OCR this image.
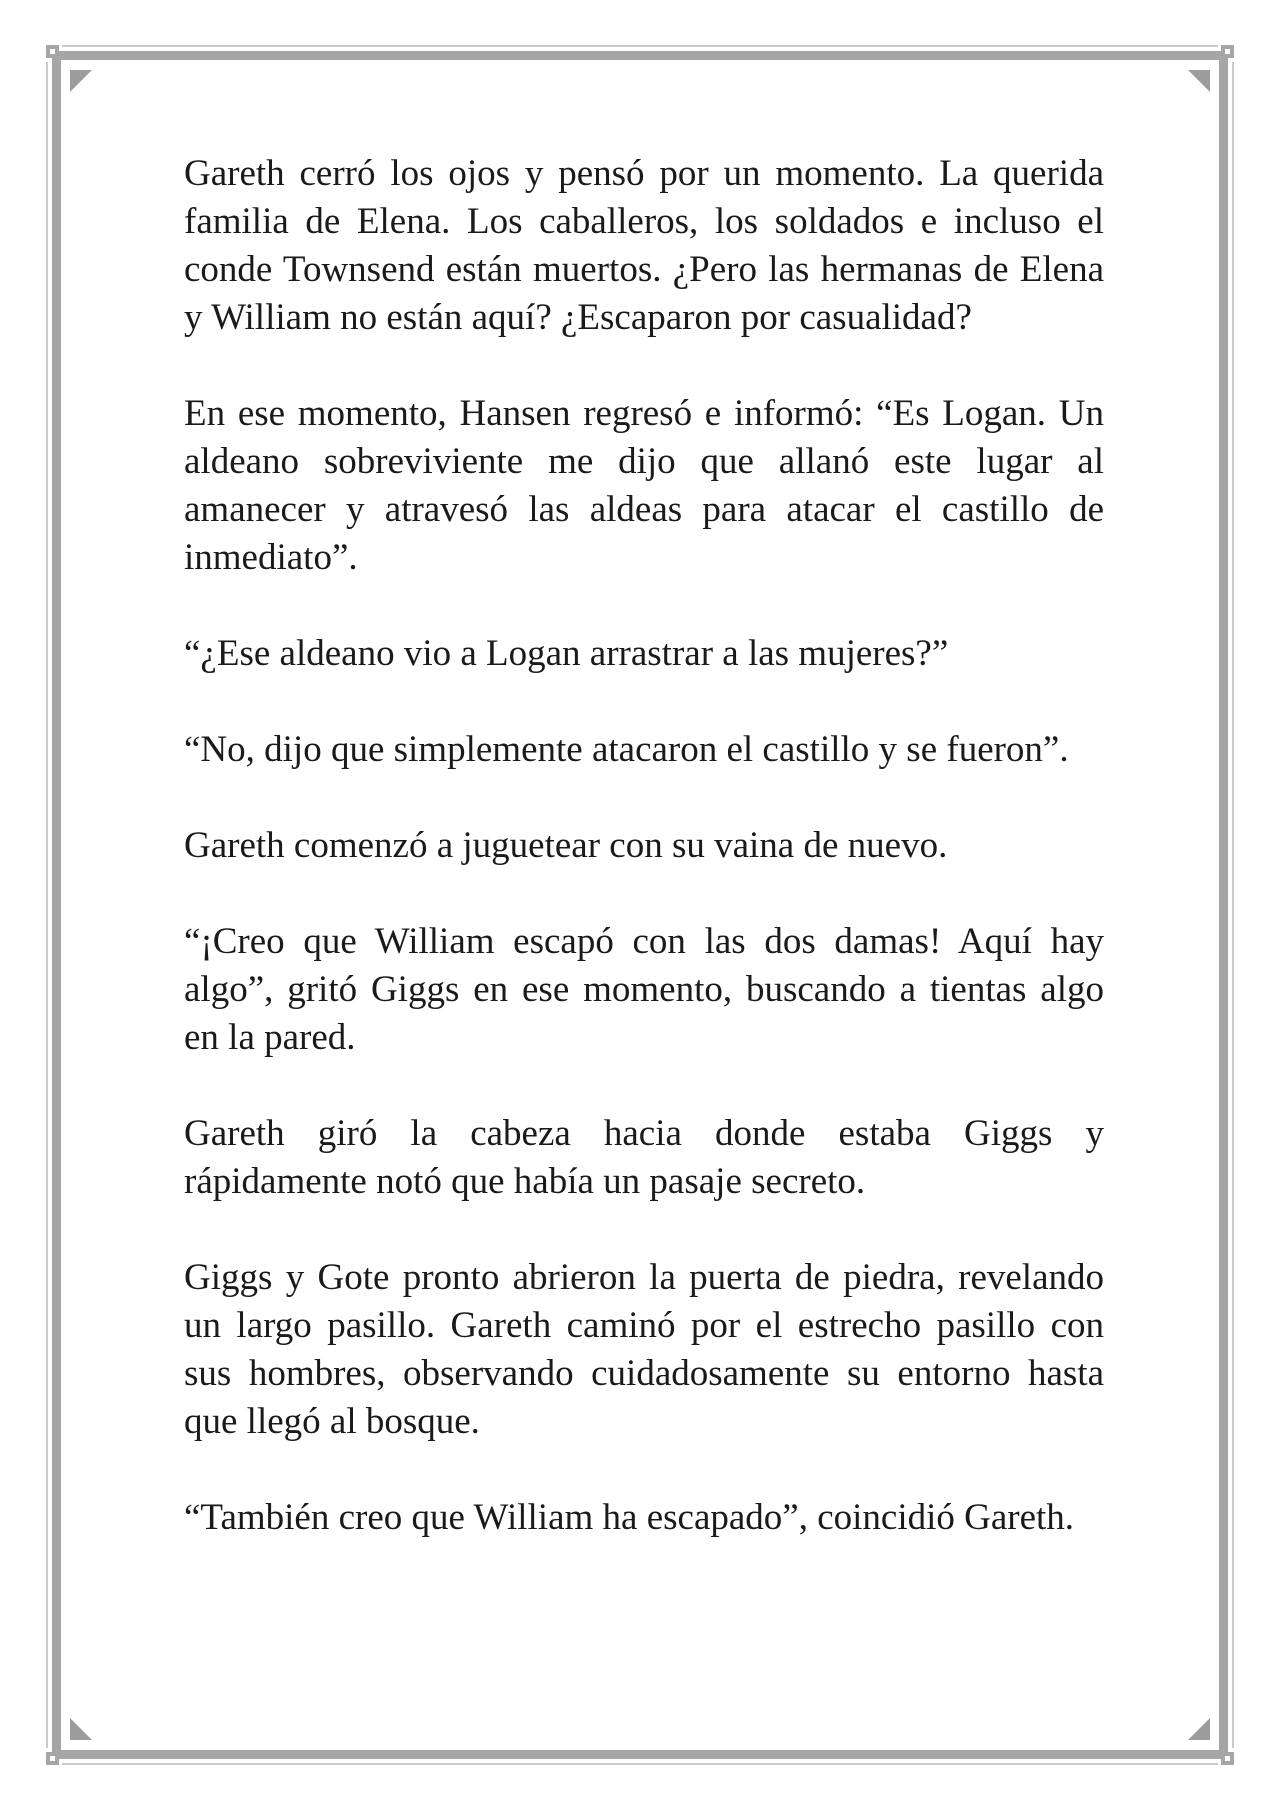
Gareth cerró los ojos y pensó por un momento. La querida familia de Elena. Los caballeros, los soldados e incluso el conde Townsend están muertos. ¿Pero las hermanas de Elena y William no están aquí? ¿Escaparon por casualidad?

En ese momento, Hansen regresó e informó: “Es Logan. Un aldeano sobreviviente me dijo que allanó este lugar al amanecer y atravesó las aldeas para atacar el castillo de inmediato”.

“¿Ese aldeano vio a Logan arrastrar a las mujeres?”

“No, dijo que simplemente atacaron el castillo y se fueron”.

Gareth comenzó a juguetear con su vaina de nuevo.

“¡Creo que William escapó con las dos damas! Aquí hay algo”, gritó Giggs en ese momento, buscando a tientas algo en la pared.

Gareth giró la cabeza hacia donde estaba Giggs y rápidamente notó que había un pasaje secreto.

Giggs y Gote pronto abrieron la puerta de piedra, revelando un largo pasillo. Gareth caminó por el estrecho pasillo con sus hombres, observando cuidadosamente su entorno hasta que llegó al bosque.

“También creo que William ha escapado”, coincidió Gareth.
